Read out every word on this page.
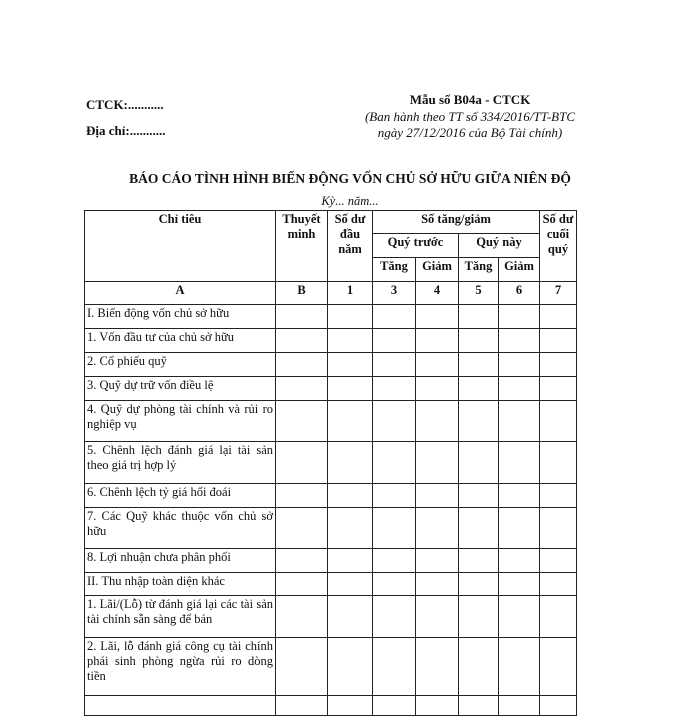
CTCK:...........
Địa chỉ:...........
Mẫu số B04a - CTCK
(Ban hành theo TT số 334/2016/TT-BTC
ngày 27/12/2016 của Bộ Tài chính)
BÁO CÁO TÌNH HÌNH BIẾN ĐỘNG VỐN CHỦ SỞ HỮU GIỮA NIÊN ĐỘ
Kỳ... năm...
Chỉ tiêu	Thuyết minh	Số dư đầu năm	Số tăng/giảm				Số dư cuối quý
			Quý trước		Quý này		
			Tăng	Giảm	Tăng	Giảm	
A	B	1	3	4	5	6	7
I. Biến động vốn chủ sở hữu							
1. Vốn đầu tư của chủ sở hữu							
2. Cổ phiếu quỹ							
3. Quỹ dự trữ vốn điều lệ							
4. Quỹ dự phòng tài chính và rủi ro nghiệp vụ							
5. Chênh lệch đánh giá lại tài sản theo giá trị hợp lý							
6. Chênh lệch tỷ giá hối đoái							
7. Các Quỹ khác thuộc vốn chủ sở hữu							
8. Lợi nhuận chưa phân phối							
II. Thu nhập toàn diện khác							
1. Lãi/(Lỗ) từ đánh giá lại các tài sản tài chính sẵn sàng để bán							
2. Lãi, lỗ đánh giá công cụ tài chính phái sinh phòng ngừa rủi ro dòng tiền							
